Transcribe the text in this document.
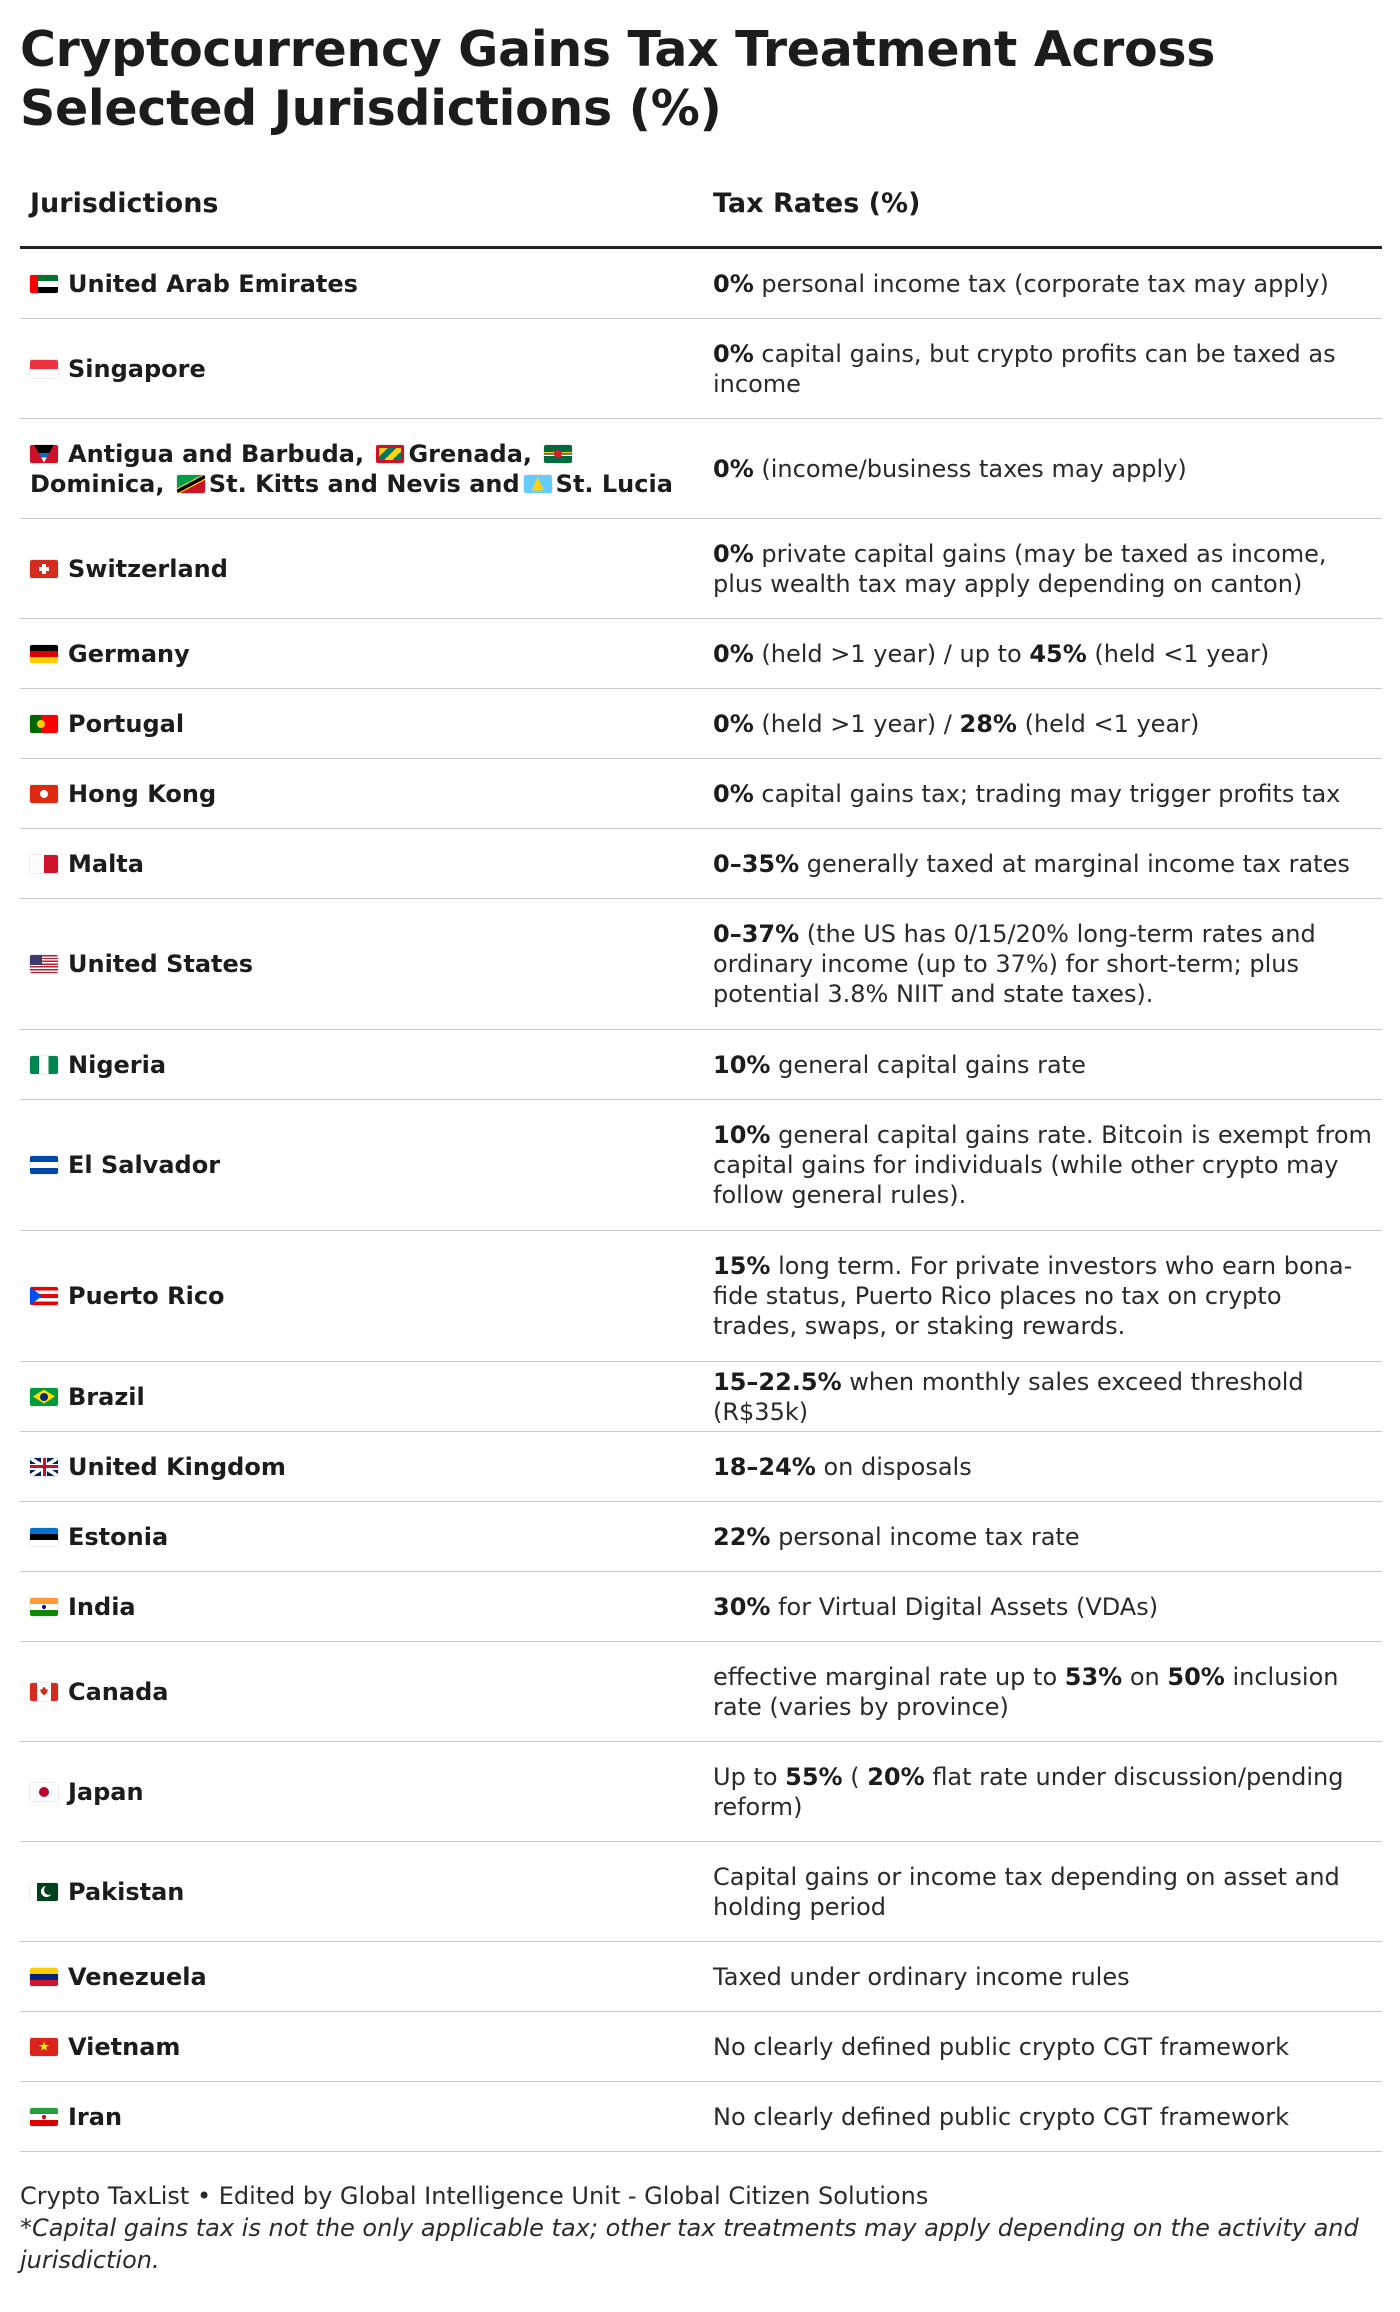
Cryptocurrency Gains Tax Treatment Across Selected Jurisdictions (%)
Jurisdictions	Tax Rates (%)

United Arab Emirates	0% personal income tax (corporate tax may apply)

Singapore	0% capital gains, but crypto profits can be taxed as income

Antigua and Barbuda,
Grenada,
Dominica,
St. Kitts and Nevis and St. Lucia	0% (income/business taxes may apply)

Switzerland	0% private capital gains (may be taxed as income, plus wealth tax may apply depending on canton)

Germany	0% (held >1 year) / up to 45% (held <1 year)

Portugal	0% (held >1 year) / 28% (held <1 year)

Hong Kong	0% capital gains tax; trading may trigger profits tax

Malta	0–35% generally taxed at marginal income tax rates

United States	0–37% (the US has 0/15/20% long-term rates and ordinary income (up to 37%) for short-term; plus potential 3.8% NIIT and state taxes).

Nigeria	10% general capital gains rate

El Salvador	10% general capital gains rate. Bitcoin is exempt from capital gains for individuals (while other crypto may follow general rules).

Puerto Rico	15% long term. For private investors who earn bona-fide status, Puerto Rico places no tax on crypto trades, swaps, or staking rewards.

Brazil	15–22.5% when monthly sales exceed threshold (R$35k)

United Kingdom	18–24% on disposals

Estonia	22% personal income tax rate

India	30% for Virtual Digital Assets (VDAs)

Canada	effective marginal rate up to 53% on 50% inclusion rate (varies by province)

Japan	Up to 55% ( 20% flat rate under discussion/pending reform)

Pakistan	Capital gains or income tax depending on asset and holding period

Venezuela	Taxed under ordinary income rules

Vietnam	No clearly defined public crypto CGT framework

Iran	No clearly defined public crypto CGT framework
Crypto TaxList • Edited by Global Intelligence Unit - Global Citizen Solutions
*Capital gains tax is not the only applicable tax; other tax treatments may apply depending on the activity and jurisdiction.
